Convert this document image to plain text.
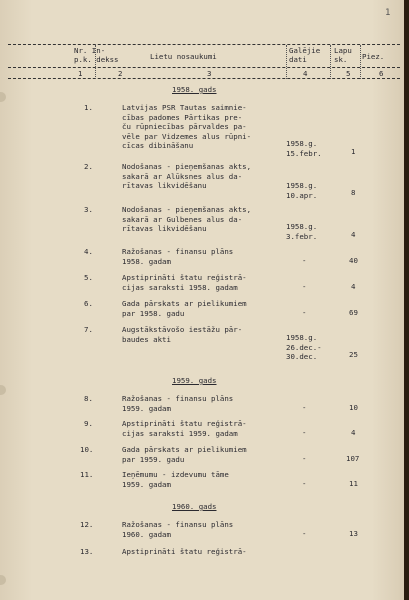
1
Nr. In-
p.k. dekss	Lietu nosaukumi
Galējie
dati
Lapu
sk.	Piez.
1	2	3	4	5	6
1958. gads
1959. gads
1960. gads
1.	Latvijas PSR Tautas saimnie-
cības padomes Pārtikas pre-
ču rūpniecības pārvaldes pa-
vēle par Vidzemes alus rūpni-
cīcas dibināšanu	1958.g.
15.febr.	1
2.	Nodošanas - pieņemšanas akts,
sakarā ar Alūksnes alus da-
rītavas likvidēšanu	1958.g.
10.apr.	8
3.	Nodošanas - pieņemšanas akts,
sakarā ar Gulbenes alus da-
rītavas likvidēšanu	1958.g.
3.febr.	4
4.	Ražošanas - finansu plāns
1958. gadam	-	40
5.	Apstiprināti štatu reģistrā-
cijas saraksti 1958. gadam	-	4
6.	Gada pārskats ar pielikumiem
par 1958. gadu	-	69
7.	Augstākstāvošo iestāžu pār-
baudes akti	1958.g.
26.dec.-
30.dec.	25
8.	Ražošanas - finansu plāns
1959. gadam	-	10
9.	Apstiprināti štatu reģistrā-
cijas saraksti 1959. gadam	-	4
10.	Gada pārskats ar pielikumiem
par 1959. gadu	-	107
11.	Ieņēmumu - izdevumu tāme
1959. gadam	-	11
12.	Ražošanas - finansu plāns
1960. gadam	-	13
13.	Apstiprināti štatu reģistrā-
